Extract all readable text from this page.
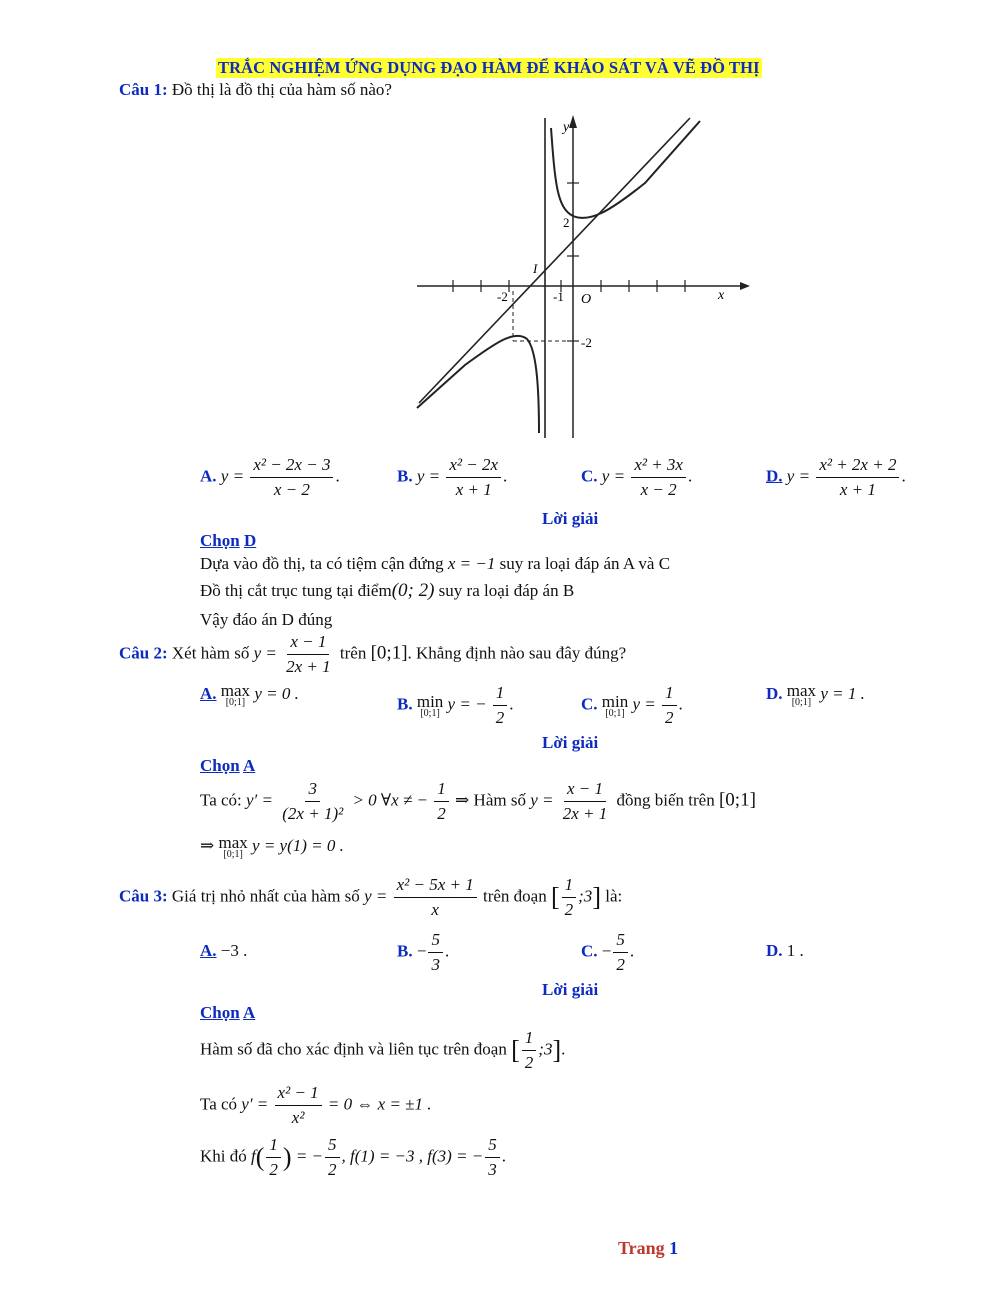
TRẮC NGHIỆM ỨNG DỤNG ĐẠO HÀM ĐỂ KHẢO SÁT VÀ VẼ ĐỒ THỊ
Câu 1: Đồ thị là đồ thị của hàm số nào?
y
x
O
I
2
-2
-1
-2
A. $y = \frac{\text{x² − 2x − 3}}{x - 2}$ .	B. $y = \frac{\text{x² − 2x}}{x + 1}$ .	C. $y = \frac{\text{x² + 3x}}{x - 2}$ .	D. $y = \frac{\text{x² + 2x + 2}}{x + 1}$ .
Lời giải
Chọn D
Dựa vào đồ thị, ta có tiệm cận đứng x = −1 suy ra loại đáp án A và C
Đồ thị cắt trục tung tại điểm(0; 2) suy ra loại đáp án B
Vậy đáo án D đúng
Câu 2: Xét hàm số $y = \frac{x - 1}{2x + 1}$ trên [0;1]. Khẳng định nào sau đây đúng?
A. max
[0;1] y = 0 .
B. min
[0;1] y = − $\frac{1}{2}$ .	C. min
[0;1] $y = \frac{1}{2}$ .
D. max
[0;1] y = 1 .
Lời giải
Chọn A
Ta có: $y' = \frac{3}{\text{(2x + 1)²}} > 0$ ∀x ≠ − $\frac{1}{2}$ ⇒ Hàm số $y = \frac{x - 1}{2x + 1}$ đồng biến trên [0;1]
⇒ max
[0;1] y = y(1) = 0 .
Câu 3: Giá trị nhỏ nhất của hàm số $y = \frac{\text{x² − 5x + 1}}{x}$ trên đoạn [ $\frac{1}{2}$ ;3] là:
A. −3 .	B. − $\frac{5}{3}$ .	C. − $\frac{5}{2}$ .	D. 1 .
Lời giải
Chọn A
Hàm số đã cho xác định và liên tục trên đoạn [ $\frac{1}{2}$ ;3].
Ta có $y' = \frac{\text{x² − 1}}{\text{x²}} = 0$ ⇔ x = ±1 .
Khi đó $f( \frac{1}{2}$ ) = − $\frac{5}{2}$ , f(1) = −3 , f(3) = − $\frac{5}{3}$ .
Trang 1
